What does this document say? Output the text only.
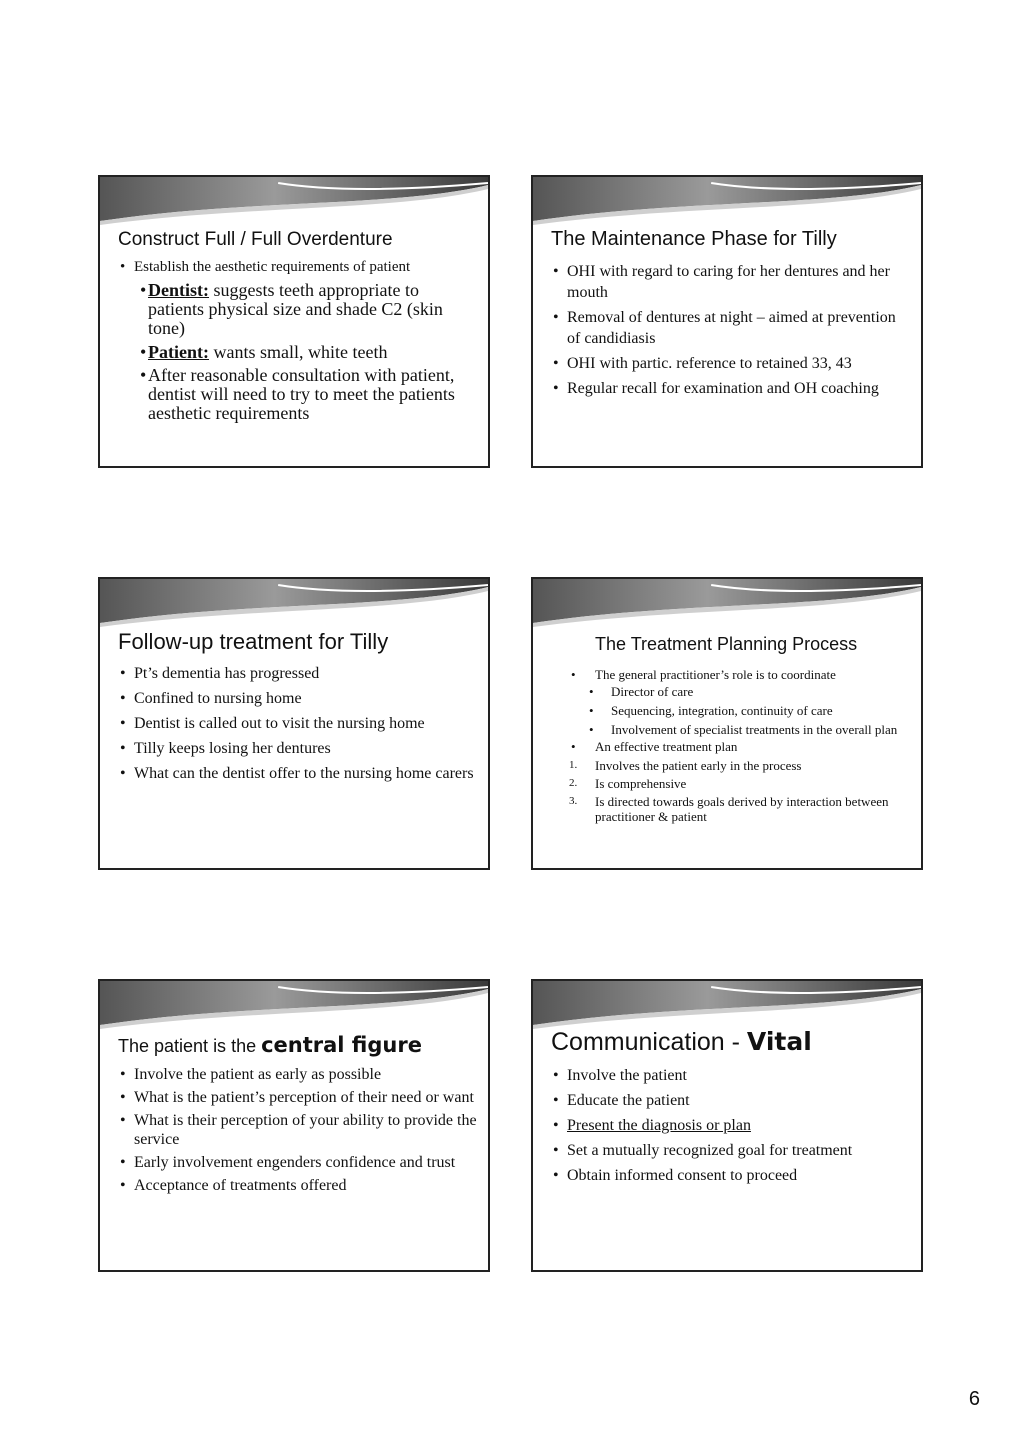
Construct Full / Full Overdenture
• Establish the aesthetic requirements of patient
• Dentist: suggests teeth appropriate to patients physical size and shade C2 (skin tone)
• Patient: wants small, white teeth
• After reasonable consultation with patient, dentist will need to try to meet the patients aesthetic requirements
The Maintenance Phase for Tilly
• OHI with regard to caring for her dentures and her mouth
• Removal of dentures at night – aimed at prevention of candidiasis
• OHI with partic. reference to retained 33, 43
• Regular recall for examination and OH coaching
Follow-up treatment for Tilly
• Pt’s dementia has progressed
• Confined to nursing home
• Dentist is called out to visit the nursing home
• Tilly keeps losing her dentures
• What can the dentist offer to the nursing home carers
The Treatment Planning Process
• The general practitioner’s role is to coordinate
• Director of care
• Sequencing, integration, continuity of care
• Involvement of specialist treatments in the overall plan
• An effective treatment plan
1. Involves the patient early in the process
2. Is comprehensive
3. Is directed towards goals derived by interaction between practitioner & patient
The patient is the central figure
• Involve the patient as early as possible
• What is the patient’s perception of their need or want
• What is their perception of your ability to provide the service
• Early involvement engenders confidence and trust
• Acceptance of treatments offered
Communication - Vital
• Involve the patient
• Educate the patient
• Present the diagnosis or plan
• Set a mutually recognized goal for treatment
• Obtain informed consent to proceed
6
